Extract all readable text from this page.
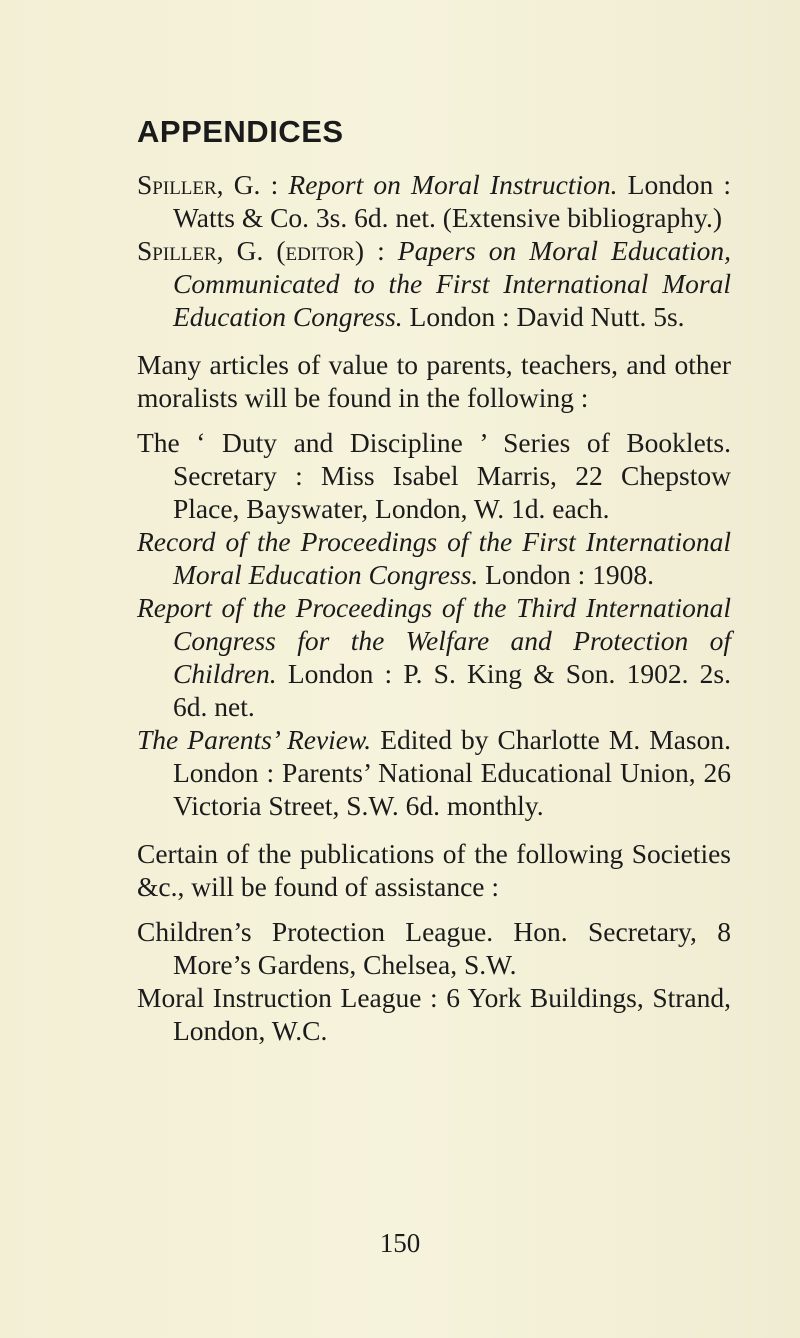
APPENDICES

Spiller, G. : Report on Moral Instruction. London : Watts & Co. 3s. 6d. net. (Extensive bibliography.)

Spiller, G. (editor) : Papers on Moral Education, Communicated to the First International Moral Education Congress. London : David Nutt. 5s.

Many articles of value to parents, teachers, and other moralists will be found in the following :

The ‘ Duty and Discipline ’ Series of Booklets. Secretary : Miss Isabel Marris, 22 Chepstow Place, Bayswater, London, W. 1d. each.

Record of the Proceedings of the First International Moral Education Congress. London : 1908.

Report of the Proceedings of the Third International Congress for the Welfare and Protection of Children. London : P. S. King & Son. 1902. 2s. 6d. net.

The Parents’ Review. Edited by Charlotte M. Mason. London : Parents’ National Educational Union, 26 Victoria Street, S.W. 6d. monthly.

Certain of the publications of the following Societies &c., will be found of assistance :

Children’s Protection League. Hon. Secretary, 8 More’s Gardens, Chelsea, S.W.

Moral Instruction League : 6 York Buildings, Strand, London, W.C.

150
